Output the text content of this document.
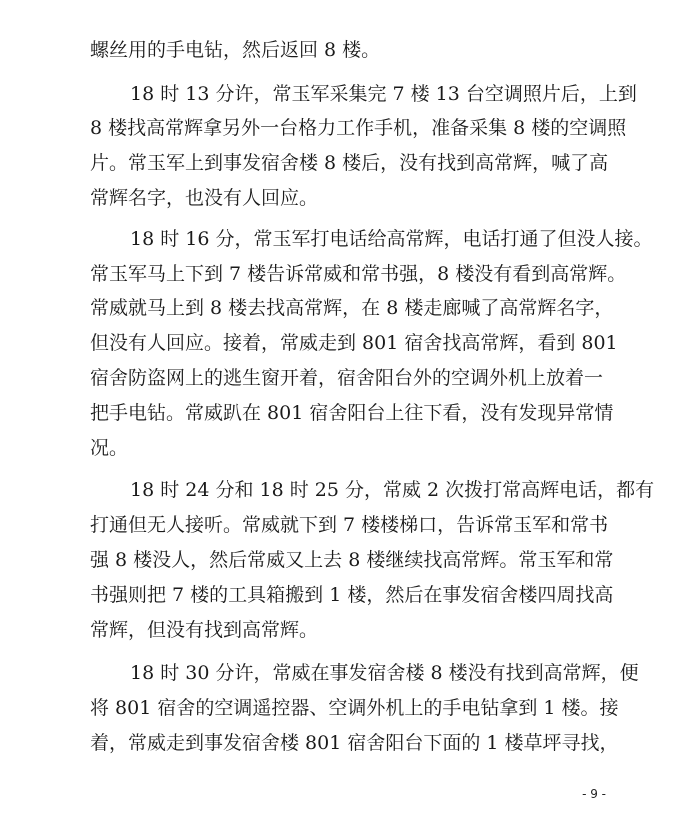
螺丝用的手电钻，然后返回 8 楼。
18 时 13 分许，常玉军采集完 7 楼 13 台空调照片后，上到
8 楼找高常辉拿另外一台格力工作手机，准备采集 8 楼的空调照
片。常玉军上到事发宿舍楼 8 楼后，没有找到高常辉，喊了高
常辉名字，也没有人回应。
18 时 16 分，常玉军打电话给高常辉，电话打通了但没人接。
常玉军马上下到 7 楼告诉常威和常书强，8 楼没有看到高常辉。
常威就马上到 8 楼去找高常辉，在 8 楼走廊喊了高常辉名字，
但没有人回应。接着，常威走到 801 宿舍找高常辉，看到 801
宿舍防盗网上的逃生窗开着，宿舍阳台外的空调外机上放着一
把手电钻。常威趴在 801 宿舍阳台上往下看，没有发现异常情
况。
18 时 24 分和 18 时 25 分，常威 2 次拨打常高辉电话，都有
打通但无人接听。常威就下到 7 楼楼梯口，告诉常玉军和常书
强 8 楼没人，然后常威又上去 8 楼继续找高常辉。常玉军和常
书强则把 7 楼的工具箱搬到 1 楼，然后在事发宿舍楼四周找高
常辉，但没有找到高常辉。
18 时 30 分许，常威在事发宿舍楼 8 楼没有找到高常辉，便
将 801 宿舍的空调遥控器、空调外机上的手电钻拿到 1 楼。接
着，常威走到事发宿舍楼 801 宿舍阳台下面的 1 楼草坪寻找，
- 9 -
